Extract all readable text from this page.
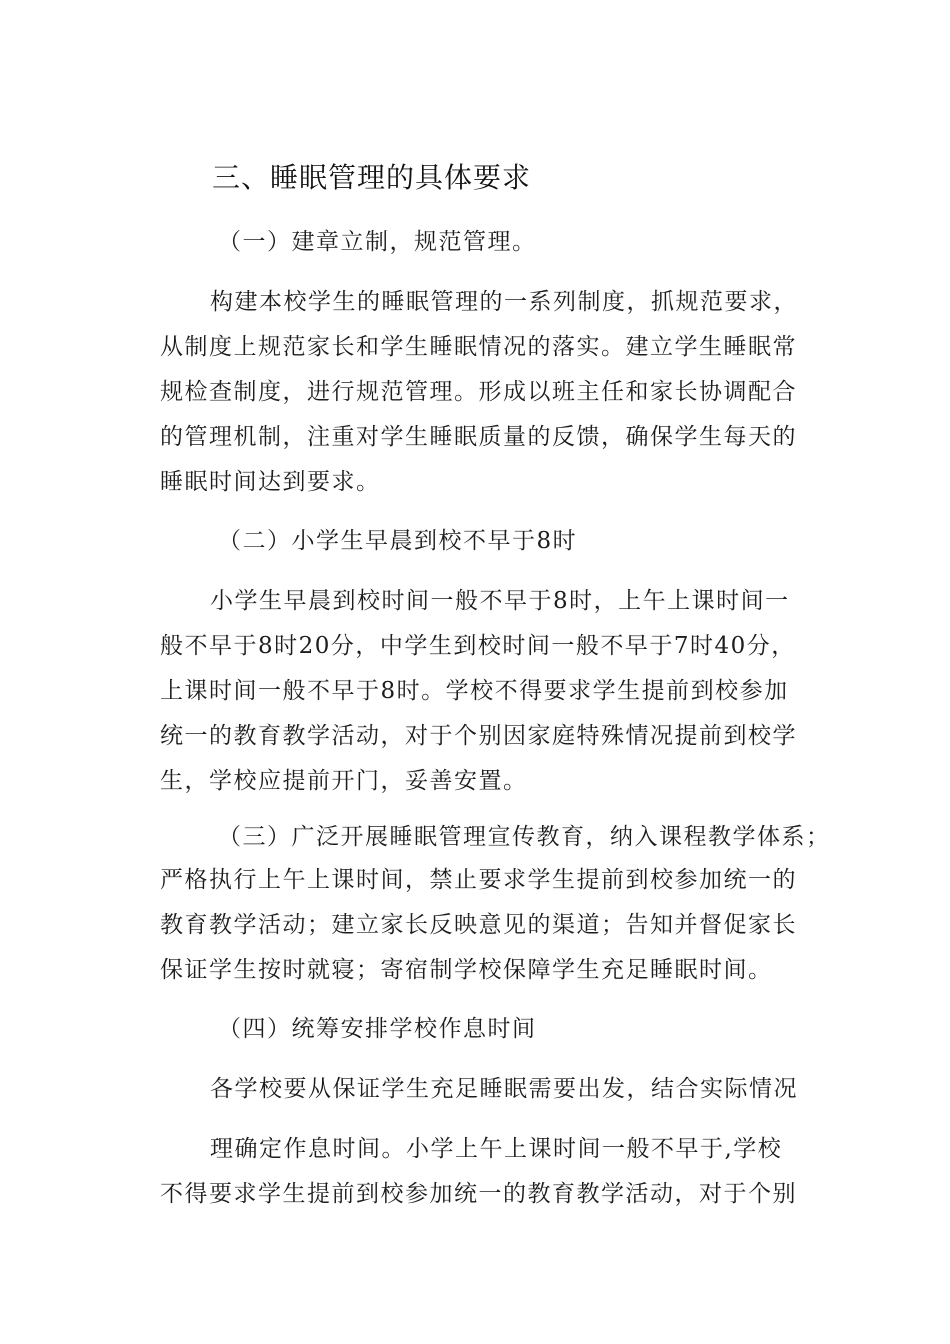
三、睡眠管理的具体要求
（一）建章立制，规范管理。
构建本校学生的睡眠管理的一系列制度，抓规范要求，
从制度上规范家长和学生睡眠情况的落实。建立学生睡眠常
规检查制度，进行规范管理。形成以班主任和家长协调配合
的管理机制，注重对学生睡眠质量的反馈，确保学生每天的
睡眠时间达到要求。
（二）小学生早晨到校不早于8时
小学生早晨到校时间一般不早于8时，上午上课时间一
般不早于8时20分，中学生到校时间一般不早于7时40分，
上课时间一般不早于8时。学校不得要求学生提前到校参加
统一的教育教学活动，对于个别因家庭特殊情况提前到校学
生，学校应提前开门，妥善安置。
（三）广泛开展睡眠管理宣传教育，纳入课程教学体系；
严格执行上午上课时间，禁止要求学生提前到校参加统一的
教育教学活动；建立家长反映意见的渠道；告知并督促家长
保证学生按时就寝；寄宿制学校保障学生充足睡眠时间。
（四）统筹安排学校作息时间
各学校要从保证学生充足睡眠需要出发，结合实际情况
理确定作息时间。小学上午上课时间一般不早于,学校
不得要求学生提前到校参加统一的教育教学活动，对于个别
